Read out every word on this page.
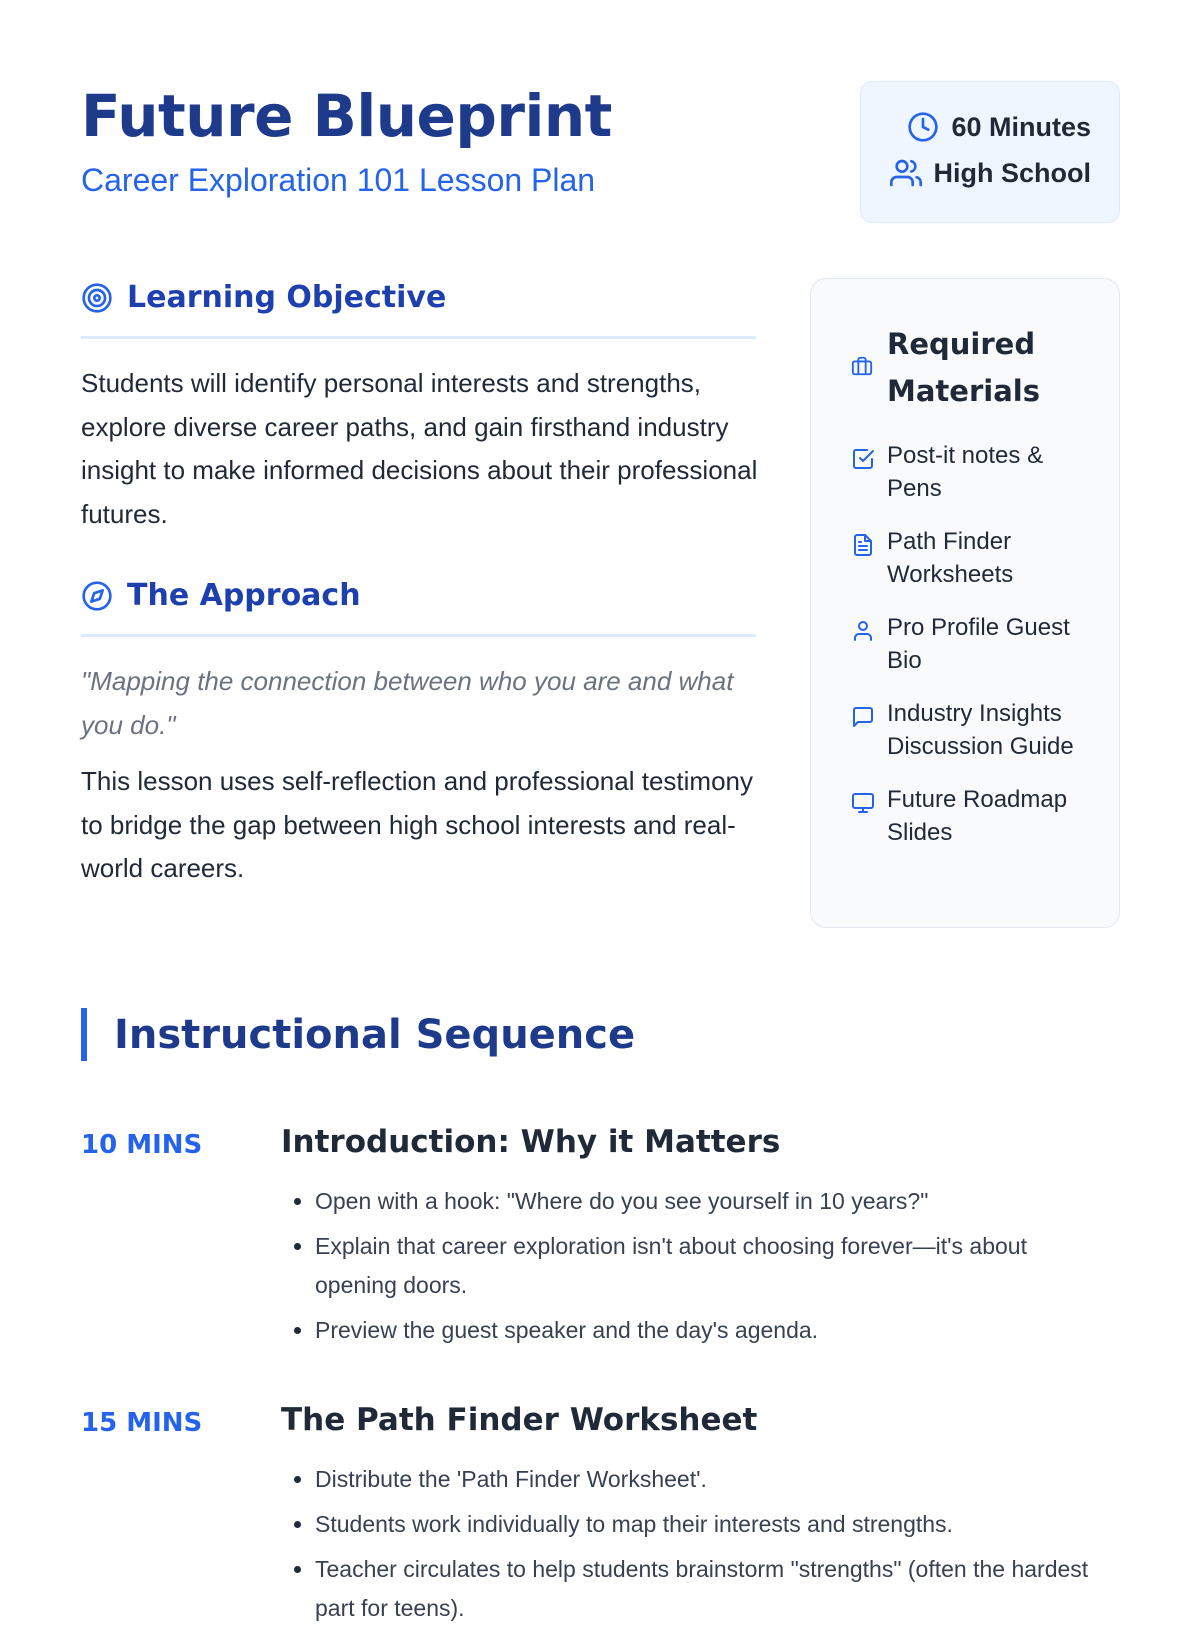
Future Blueprint
Career Exploration 101 Lesson Plan
60 Minutes
High School
Learning Objective

Students will identify personal interests and strengths, explore diverse career paths, and gain firsthand industry insight to make informed decisions about their professional futures.

The Approach

"Mapping the connection between who you are and what you do."

This lesson uses self-reflection and professional testimony to bridge the gap between high school interests and real-world careers.

Required Materials
Post-it notes & Pens
Path Finder Worksheets
Pro Profile Guest Bio
Industry Insights Discussion Guide
Future Roadmap Slides
Instructional Sequence
10 MINS	Introduction: Why it Matters
• Open with a hook: "Where do you see yourself in 10 years?"
• Explain that career exploration isn't about choosing forever—it's about opening doors.
• Preview the guest speaker and the day's agenda.
15 MINS	The Path Finder Worksheet
• Distribute the 'Path Finder Worksheet'.
• Students work individually to map their interests and strengths.
• Teacher circulates to help students brainstorm "strengths" (often the hardest part for teens).
